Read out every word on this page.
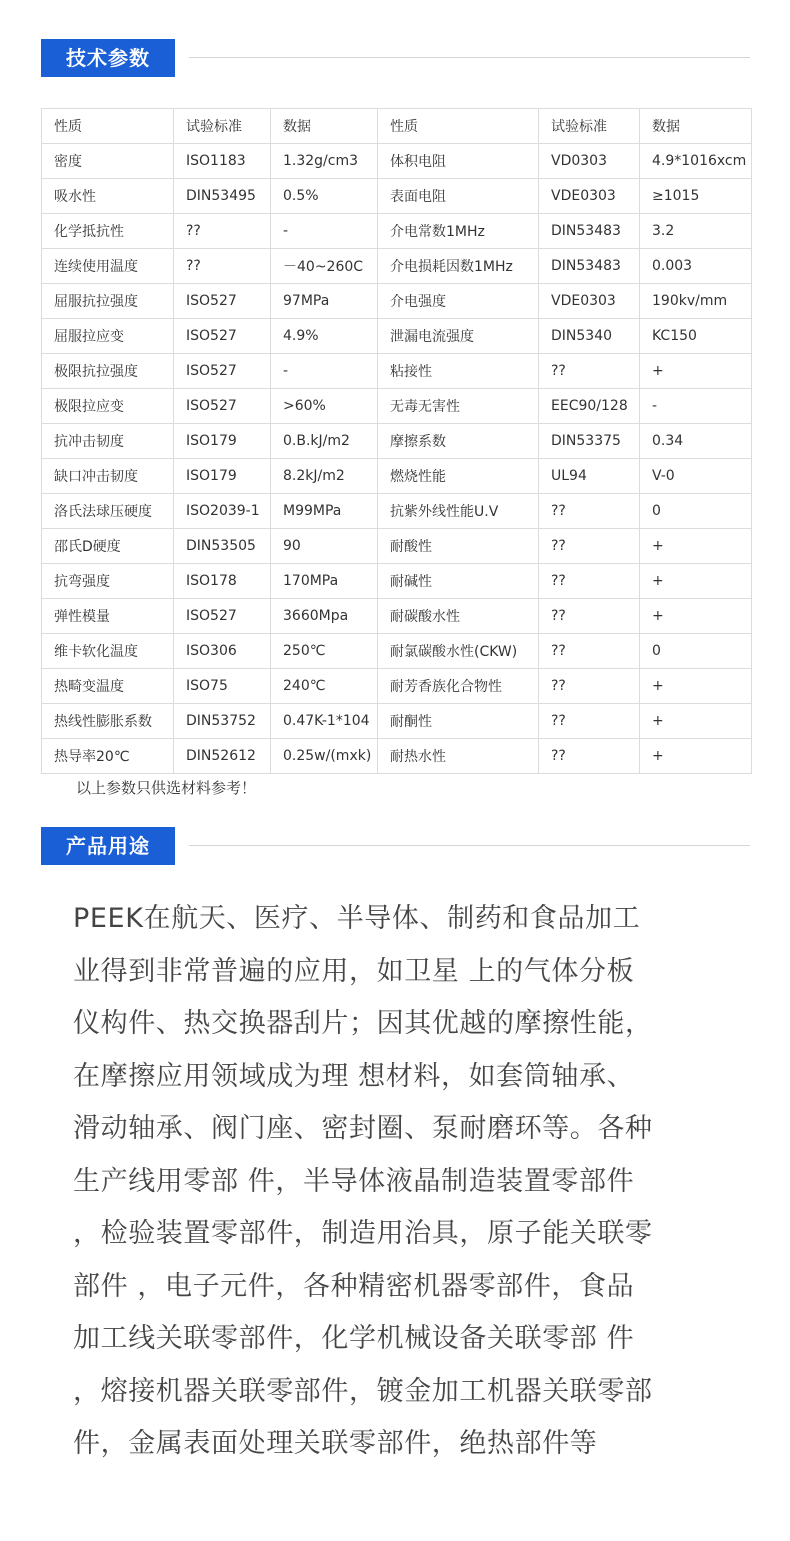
技术参数
性质	试验标准	数据	性质	试验标准	数据
密度	ISO1183	1.32g/cm3	体积电阻	VD0303	4.9*1016xcm
吸水性	DIN53495	0.5%	表面电阻	VDE0303	≥1015
化学抵抗性	??	-	介电常数1MHz	DIN53483	3.2
连续使用温度	??	－40~260C	介电损耗因数1MHz	DIN53483	0.003
屈服抗拉强度	ISO527	97MPa	介电强度	VDE0303	190kv/mm
屈服拉应变	ISO527	4.9%	泄漏电流强度	DIN5340	KC150
极限抗拉强度	ISO527	-	粘接性	??	+
极限拉应变	ISO527	>60%	无毒无害性	EEC90/128	-
抗冲击韧度	ISO179	0.B.kJ/m2	摩擦系数	DIN53375	0.34
缺口冲击韧度	ISO179	8.2kJ/m2	燃烧性能	UL94	V-0
洛氏法球压硬度	ISO2039-1	M99MPa	抗紫外线性能U.V	??	0
邵氏D硬度	DIN53505	90	耐酸性	??	+
抗弯强度	ISO178	170MPa	耐碱性	??	+
弹性模量	ISO527	3660Mpa	耐碳酸水性	??	+
维卡软化温度	ISO306	250℃	耐氯碳酸水性(CKW)	??	0
热畸变温度	ISO75	240℃	耐芳香族化合物性	??	+
热线性膨胀系数	DIN53752	0.47K-1*104	耐酮性	??	+
热导率20℃	DIN52612	0.25w/(mxk)	耐热水性	??	+
以上参数只供选材料参考！
产品用途
PEEK在航天、医疗、半导体、制药和食品加工
业得到非常普遍的应用，如卫星 上的气体分板
仪构件、热交换器刮片；因其优越的摩擦性能，
在摩擦应用领域成为理 想材料，如套筒轴承、
滑动轴承、阀门座、密封圈、泵耐磨环等。各种
生产线用零部 件，半导体液晶制造装置零部件
，检验装置零部件，制造用治具，原子能关联零
部件 ，电子元件，各种精密机器零部件，食品
加工线关联零部件，化学机械设备关联零部 件
，熔接机器关联零部件，镀金加工机器关联零部
件，金属表面处理关联零部件，绝热部件等
